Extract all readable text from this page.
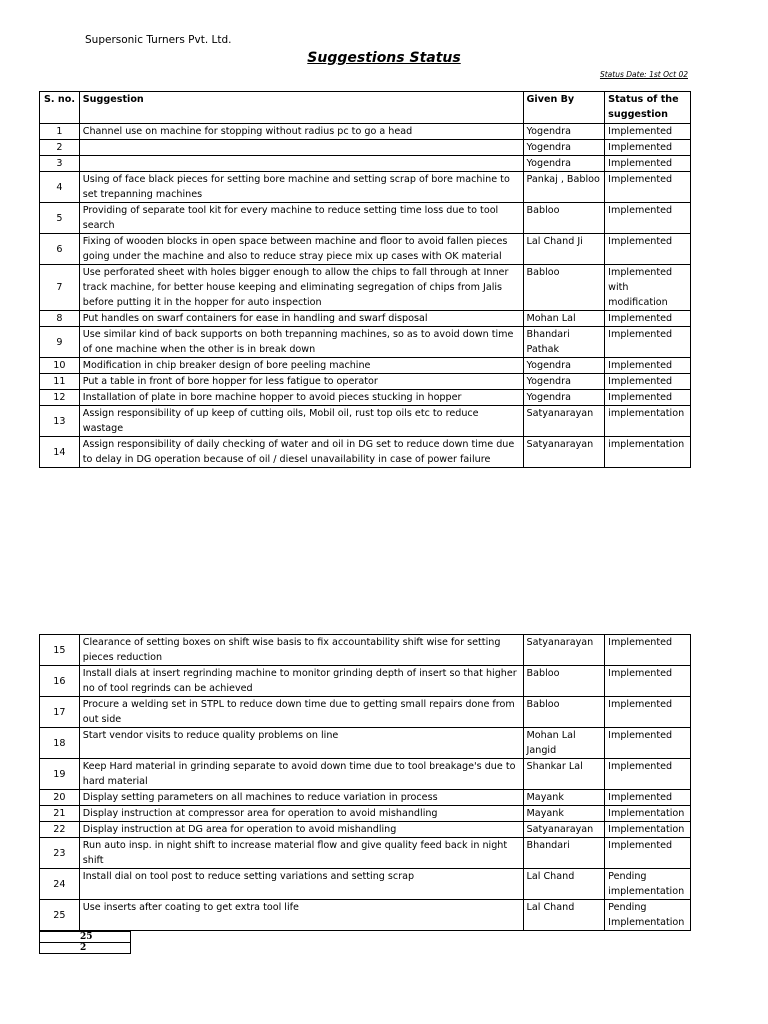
Supersonic Turners Pvt. Ltd.
Suggestions Status
Status Date: 1st Oct 02
S. no.	Suggestion	Given By	Status of the suggestion
1	Channel use on machine for stopping without radius pc to go a head	Yogendra	Implemented
2		Yogendra	Implemented
3		Yogendra	Implemented
4	Using of face black pieces for setting bore machine and setting scrap of bore machine to set trepanning machines	Pankaj , Babloo	Implemented
5	Providing of separate tool kit for every machine to reduce setting time loss due to tool search	Babloo	Implemented
6	Fixing of wooden blocks in open space between machine and floor to avoid fallen pieces going under the machine and also to reduce stray piece mix up cases with OK material	Lal Chand Ji	Implemented
7	Use perforated sheet with holes bigger enough to allow the chips to fall through at Inner track machine, for better house keeping and eliminating segregation of chips from Jalis before putting it in the hopper for auto inspection	Babloo	Implemented with modification
8	Put handles on swarf containers for ease in handling and swarf disposal	Mohan Lal	Implemented
9	Use similar kind of back supports on both trepanning machines, so as to avoid down time of one machine when the other is in break down	Bhandari Pathak	Implemented
10	Modification in chip breaker design of bore peeling machine	Yogendra	Implemented
11	Put a table in front of bore hopper for less fatigue to operator	Yogendra	Implemented
12	Installation of plate in bore machine hopper to avoid pieces stucking in hopper	Yogendra	Implemented
13	Assign responsibility of up keep of cutting oils, Mobil oil, rust top oils etc to reduce wastage	Satyanarayan	implementation
14	Assign responsibility of daily checking of water and oil in DG set to reduce down time due to delay in DG operation because of oil / diesel unavailability in case of power failure	Satyanarayan	implementation
15	Clearance of setting boxes on shift wise basis to fix accountability shift wise for setting pieces reduction	Satyanarayan	Implemented
16	Install dials at insert regrinding machine to monitor grinding depth of insert so that higher no of tool regrinds can be achieved	Babloo	Implemented
17	Procure a welding set in STPL to reduce down time due to getting small repairs done from out side	Babloo	Implemented
18	Start vendor visits to reduce quality problems on line	Mohan Lal Jangid	Implemented
19	Keep Hard material in grinding separate to avoid down time due to tool breakage's due to hard material	Shankar Lal	Implemented
20	Display setting parameters on all machines to reduce variation in process	Mayank	Implemented
21	Display instruction at compressor area for operation to avoid mishandling	Mayank	Implementation
22	Display instruction at DG area for operation to avoid mishandling	Satyanarayan	Implementation
23	Run auto insp. in night shift to increase material flow and give quality feed back in night shift	Bhandari	Implemented
24	Install dial on tool post to reduce setting variations and setting scrap	Lal Chand	Pending implementation
25	Use inserts after coating to get extra tool life	Lal Chand	Pending Implementation
25
2
